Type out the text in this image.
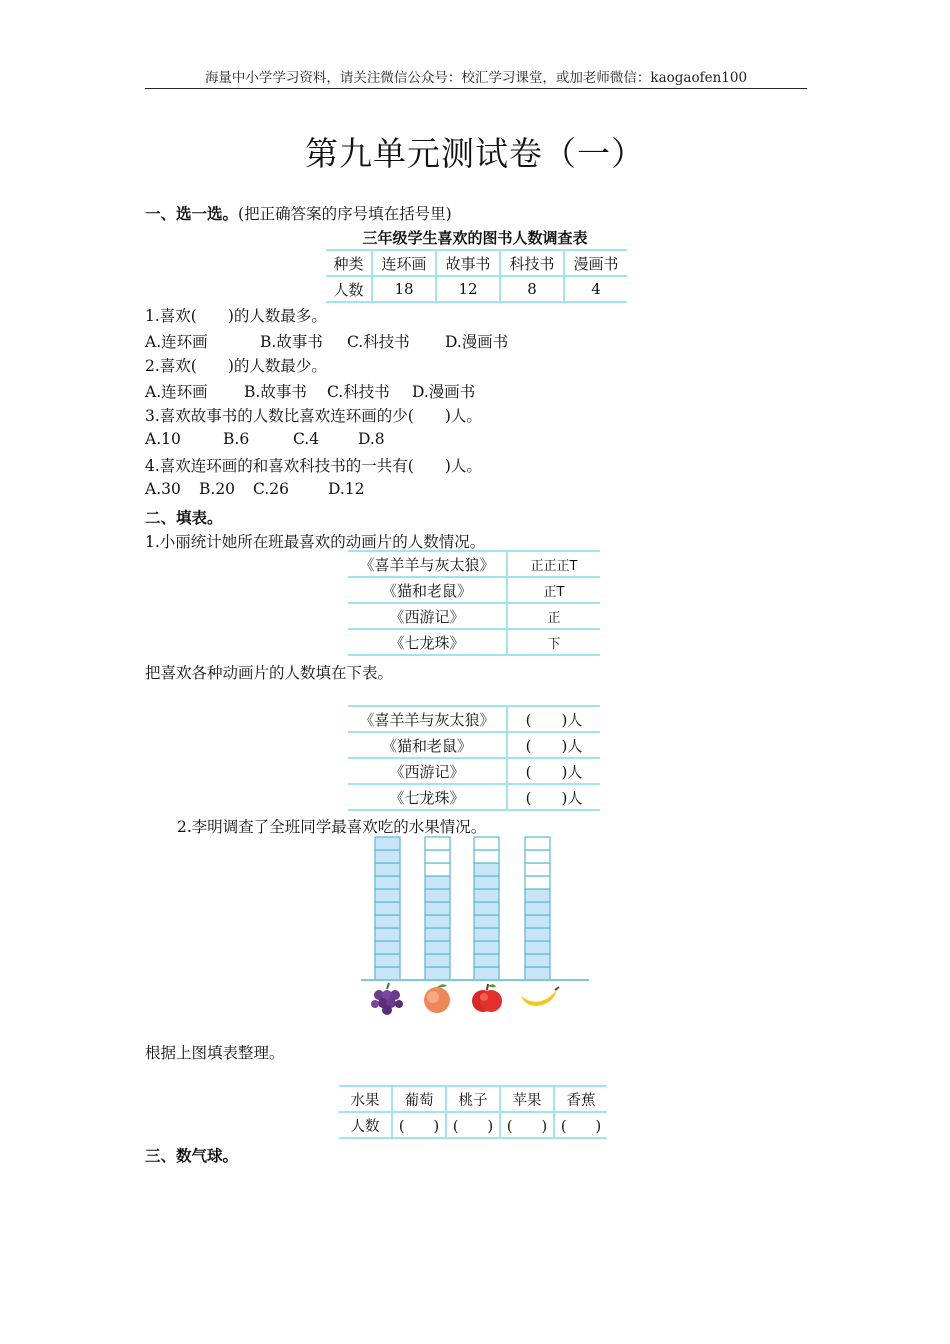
海量中小学学习资料，请关注微信公众号：校汇学习课堂，或加老师微信：kaogaofen100
第九单元测试卷（一）
一、选一选。(把正确答案的序号填在括号里)
三年级学生喜欢的图书人数调查表
种类	连环画	故事书	科技书	漫画书
人数	18	12	8	4
1.喜欢(　　)的人数最多。
A.连环画	B.故事书 C.科技书 D.漫画书
2.喜欢(　　)的人数最少。
A.连环画 B.故事书 C.科技书 D.漫画书
3.喜欢故事书的人数比喜欢连环画的少(　　)人。
A.10	B.6	C.4	D.8
4.喜欢连环画的和喜欢科技书的一共有(　　)人。
A.30 B.20 C.26	D.12
二、填表。
1.小丽统计她所在班最喜欢的动画片的人数情况。
《喜羊羊与灰太狼》	正正正T
《猫和老鼠》	正T
《西游记》	正
《七龙珠》	下
把喜欢各种动画片的人数填在下表。
《喜羊羊与灰太狼》	(　　)人
《猫和老鼠》	(　　)人
《西游记》	(　　)人
《七龙珠》	(　　)人
2.李明调查了全班同学最喜欢吃的水果情况。
根据上图填表整理。
水果	葡萄	桃子	苹果	香蕉
人数	(　　)	(　　)	(　　)	(　　)
三、数气球。
